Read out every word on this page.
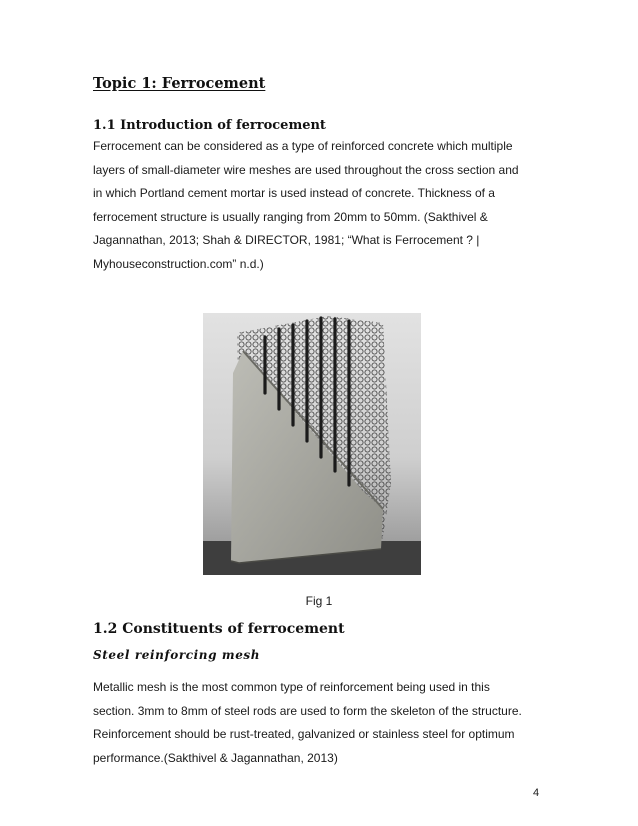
Topic 1: Ferrocement
1.1 Introduction of ferrocement
Ferrocement can be considered as a type of reinforced concrete which multiple
layers of small-diameter wire meshes are used throughout the cross section and
in which Portland cement mortar is used instead of concrete. Thickness of a
ferrocement structure is usually ranging from 20mm to 50mm. (Sakthivel &
Jagannathan, 2013; Shah & DIRECTOR, 1981; “What is Ferrocement ? |
Myhouseconstruction.com” n.d.)
Fig 1
1.2 Constituents of ferrocement
Steel reinforcing mesh
Metallic mesh is the most common type of reinforcement being used in this
section. 3mm to 8mm of steel rods are used to form the skeleton of the structure.
Reinforcement should be rust-treated, galvanized or stainless steel for optimum
performance.(Sakthivel & Jagannathan, 2013)
4
